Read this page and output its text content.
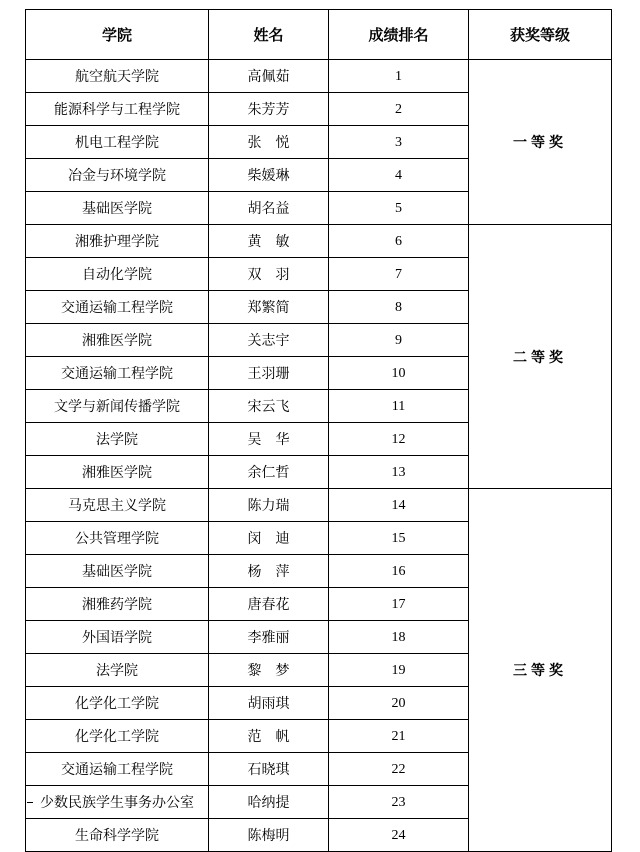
学院	姓名	成绩排名	获奖等级
航空航天学院	高佩茹	1	一等奖
能源科学与工程学院	朱芳芳	2	
机电工程学院	张　悦	3	
冶金与环境学院	柴媛琳	4	
基础医学院	胡名益	5	
湘雅护理学院	黄　敏	6	二等奖
自动化学院	双　羽	7	
交通运输工程学院	郑繁简	8	
湘雅医学院	关志宇	9	
交通运输工程学院	王羽珊	10	
文学与新闻传播学院	宋云飞	11	
法学院	吴　华	12	
湘雅医学院	余仁哲	13	
马克思主义学院	陈力瑞	14	三等奖
公共管理学院	闵　迪	15	
基础医学院	杨　萍	16	
湘雅药学院	唐春花	17	
外国语学院	李雅丽	18	
法学院	黎　梦	19	
化学化工学院	胡雨琪	20	
化学化工学院	范　帆	21	
交通运输工程学院	石晓琪	22	
少数民族学生事务办公室	哈纳提	23	
生命科学学院	陈梅明	24	
